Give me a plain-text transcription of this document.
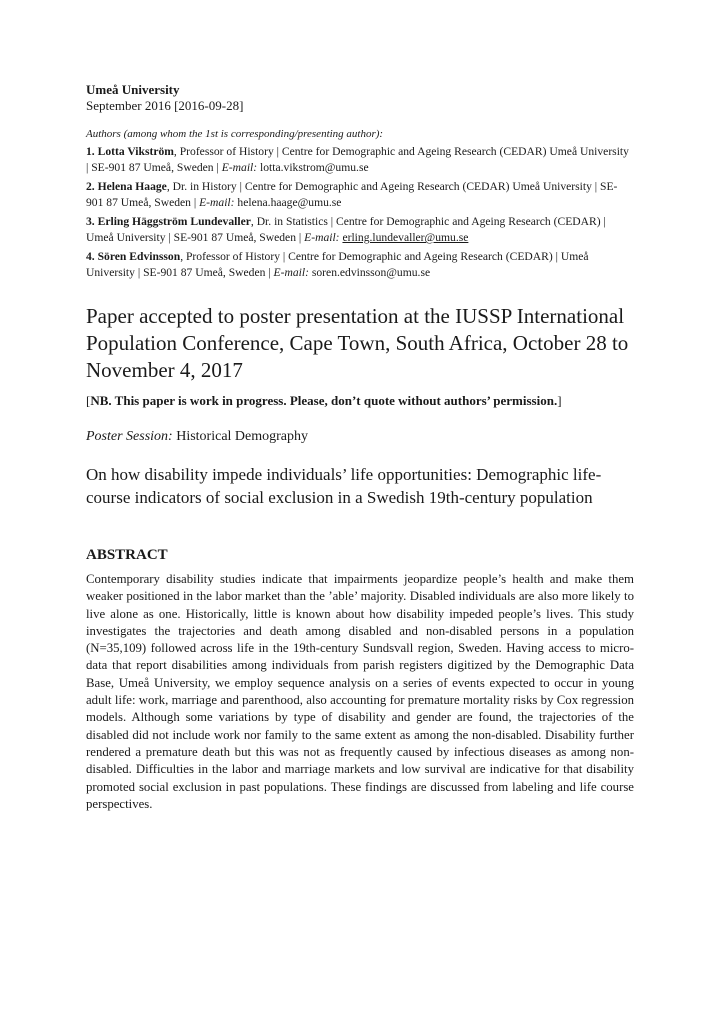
Umeå University
September 2016 [2016-09-28]
Authors (among whom the 1st is corresponding/presenting author):
1. Lotta Vikström, Professor of History | Centre for Demographic and Ageing Research (CEDAR) Umeå University | SE-901 87 Umeå, Sweden | E-mail: lotta.vikstrom@umu.se
2. Helena Haage, Dr. in History | Centre for Demographic and Ageing Research (CEDAR) Umeå University | SE-901 87 Umeå, Sweden | E-mail: helena.haage@umu.se
3. Erling Häggström Lundevaller, Dr. in Statistics | Centre for Demographic and Ageing Research (CEDAR) | Umeå University | SE-901 87 Umeå, Sweden | E-mail: erling.lundevaller@umu.se
4. Sören Edvinsson, Professor of History | Centre for Demographic and Ageing Research (CEDAR) | Umeå University | SE-901 87 Umeå, Sweden | E-mail: soren.edvinsson@umu.se
Paper accepted to poster presentation at the IUSSP International Population Conference, Cape Town, South Africa, October 28 to November 4, 2017
[NB. This paper is work in progress. Please, don’t quote without authors’ permission.]
Poster Session: Historical Demography
On how disability impede individuals’ life opportunities: Demographic life-course indicators of social exclusion in a Swedish 19th-century population
ABSTRACT
Contemporary disability studies indicate that impairments jeopardize people’s health and make them weaker positioned in the labor market than the ’able’ majority. Disabled individuals are also more likely to live alone as one. Historically, little is known about how disability impeded people’s lives. This study investigates the trajectories and death among disabled and non-disabled persons in a population (N=35,109) followed across life in the 19th-century Sundsvall region, Sweden. Having access to micro-data that report disabilities among individuals from parish registers digitized by the Demographic Data Base, Umeå University, we employ sequence analysis on a series of events expected to occur in young adult life: work, marriage and parenthood, also accounting for premature mortality risks by Cox regression models. Although some variations by type of disability and gender are found, the trajectories of the disabled did not include work nor family to the same extent as among the non-disabled. Disability further rendered a premature death but this was not as frequently caused by infectious diseases as among non-disabled. Difficulties in the labor and marriage markets and low survival are indicative for that disability promoted social exclusion in past populations. These findings are discussed from labeling and life course perspectives.
